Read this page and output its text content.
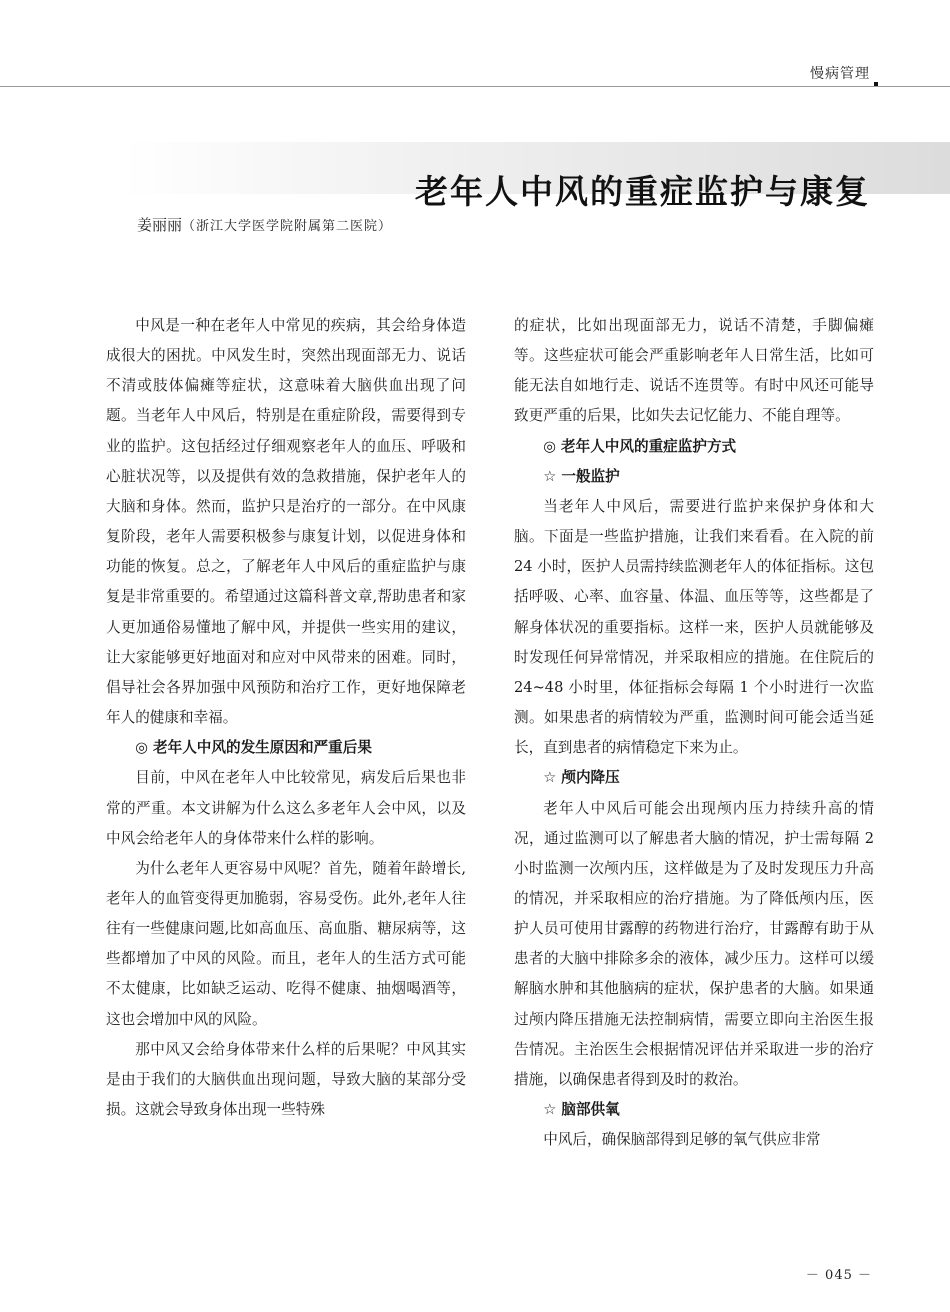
慢病管理
老年人中风的重症监护与康复
姜丽丽（浙江大学医学院附属第二医院）

中风是一种在老年人中常见的疾病，其会给身体造成很大的困扰。中风发生时，突然出现面部无力、说话不清或肢体偏瘫等症状，这意味着大脑供血出现了问题。当老年人中风后，特别是在重症阶段，需要得到专业的监护。这包括经过仔细观察老年人的血压、呼吸和心脏状况等，以及提供有效的急救措施，保护老年人的大脑和身体。然而，监护只是治疗的一部分。在中风康复阶段，老年人需要积极参与康复计划，以促进身体和功能的恢复。总之，了解老年人中风后的重症监护与康复是非常重要的。希望通过这篇科普文章,帮助患者和家人更加通俗易懂地了解中风，并提供一些实用的建议，让大家能够更好地面对和应对中风带来的困难。同时，倡导社会各界加强中风预防和治疗工作，更好地保障老年人的健康和幸福。

◎ 老年人中风的发生原因和严重后果

目前，中风在老年人中比较常见，病发后后果也非常的严重。本文讲解为什么这么多老年人会中风，以及中风会给老年人的身体带来什么样的影响。

为什么老年人更容易中风呢？首先，随着年龄增长,老年人的血管变得更加脆弱，容易受伤。此外,老年人往往有一些健康问题,比如高血压、高血脂、糖尿病等，这些都增加了中风的风险。而且，老年人的生活方式可能不太健康，比如缺乏运动、吃得不健康、抽烟喝酒等，这也会增加中风的风险。

那中风又会给身体带来什么样的后果呢？中风其实是由于我们的大脑供血出现问题，导致大脑的某部分受损。这就会导致身体出现一些特殊

的症状，比如出现面部无力，说话不清楚，手脚偏瘫等。这些症状可能会严重影响老年人日常生活，比如可能无法自如地行走、说话不连贯等。有时中风还可能导致更严重的后果，比如失去记忆能力、不能自理等。

◎ 老年人中风的重症监护方式
☆ 一般监护

当老年人中风后，需要进行监护来保护身体和大脑。下面是一些监护措施，让我们来看看。在入院的前 24 小时，医护人员需持续监测老年人的体征指标。这包括呼吸、心率、血容量、体温、血压等等，这些都是了解身体状况的重要指标。这样一来，医护人员就能够及时发现任何异常情况，并采取相应的措施。在住院后的 24~48 小时里，体征指标会每隔 1 个小时进行一次监测。如果患者的病情较为严重，监测时间可能会适当延长，直到患者的病情稳定下来为止。

☆ 颅内降压

老年人中风后可能会出现颅内压力持续升高的情况，通过监测可以了解患者大脑的情况，护士需每隔 2 小时监测一次颅内压，这样做是为了及时发现压力升高的情况，并采取相应的治疗措施。为了降低颅内压，医护人员可使用甘露醇的药物进行治疗，甘露醇有助于从患者的大脑中排除多余的液体，减少压力。这样可以缓解脑水肿和其他脑病的症状，保护患者的大脑。如果通过颅内降压措施无法控制病情，需要立即向主治医生报告情况。主治医生会根据情况评估并采取进一步的治疗措施，以确保患者得到及时的救治。

☆ 脑部供氧

中风后，确保脑部得到足够的氧气供应非常

－ 045 －
